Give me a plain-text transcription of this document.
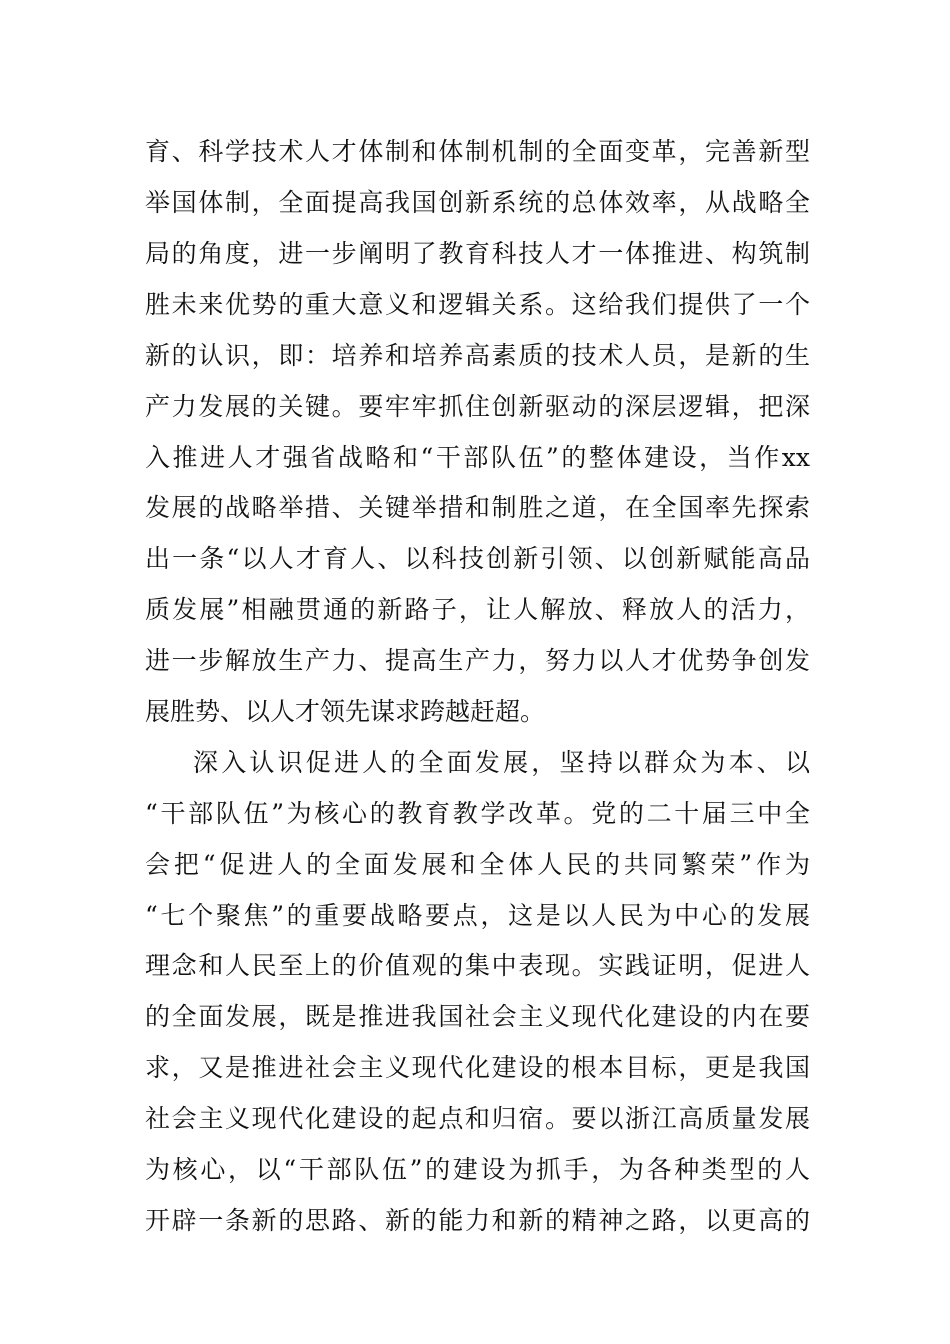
育、科学技术人才体制和体制机制的全面变革，完善新型
举国体制，全面提高我国创新系统的总体效率，从战略全
局的角度，进一步阐明了教育科技人才一体推进、构筑制
胜未来优势的重大意义和逻辑关系。这给我们提供了一个
新的认识，即：培养和培养高素质的技术人员，是新的生
产力发展的关键。要牢牢抓住创新驱动的深层逻辑，把深
入推进人才强省战略和“干部队伍”的整体建设，当作xx
发展的战略举措、关键举措和制胜之道，在全国率先探索
出一条“以人才育人、以科技创新引领、以创新赋能高品
质发展”相融贯通的新路子，让人解放、释放人的活力，
进一步解放生产力、提高生产力，努力以人才优势争创发
展胜势、以人才领先谋求跨越赶超。
深入认识促进人的全面发展，坚持以群众为本、以
“干部队伍”为核心的教育教学改革。党的二十届三中全
会把“促进人的全面发展和全体人民的共同繁荣”作为
“七个聚焦”的重要战略要点，这是以人民为中心的发展
理念和人民至上的价值观的集中表现。实践证明，促进人
的全面发展，既是推进我国社会主义现代化建设的内在要
求，又是推进社会主义现代化建设的根本目标，更是我国
社会主义现代化建设的起点和归宿。要以浙江高质量发展
为核心，以“干部队伍”的建设为抓手，为各种类型的人
开辟一条新的思路、新的能力和新的精神之路，以更高的
